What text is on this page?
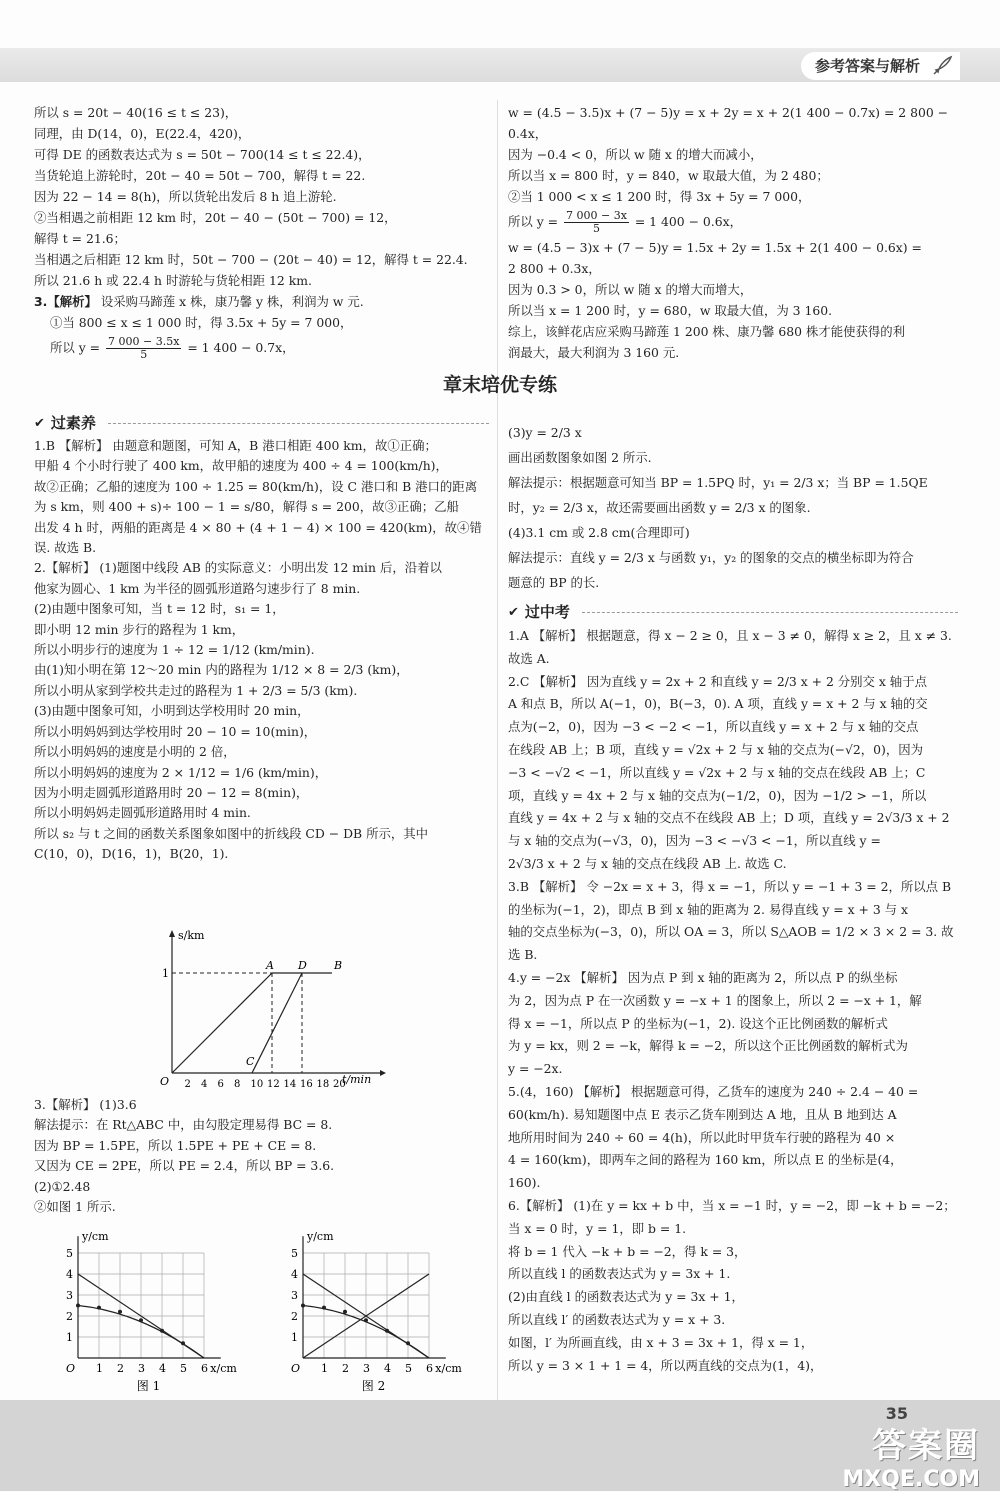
参考答案与解析
所以 s = 20t − 40(16 ≤ t ≤ 23)，
同理，由 D(14，0)，E(22.4，420)，
可得 DE 的函数表达式为 s = 50t − 700(14 ≤ t ≤ 22.4)，
当货轮追上游轮时，20t − 40 = 50t − 700，解得 t = 22.
因为 22 − 14 = 8(h)，所以货轮出发后 8 h 追上游轮.
②当相遇之前相距 12 km 时，20t − 40 − (50t − 700) = 12，
解得 t = 21.6；
当相遇之后相距 12 km 时，50t − 700 − (20t − 40) = 12，解得 t = 22.4.
所以 21.6 h 或 22.4 h 时游轮与货轮相距 12 km.
3.【解析】 设采购马蹄莲 x 株，康乃馨 y 株，利润为 w 元.
①当 800 ≤ x ≤ 1 000 时，得 3.5x + 5y = 7 000，
所以 $y = \frac{7 000 - 3.5x}{5} = 1$ 400 − 0.7x，
w = (4.5 − 3.5)x + (7 − 5)y = x + 2y = x + 2(1 400 − 0.7x) = 2 800 −
0.4x，
因为 −0.4 < 0，所以 w 随 x 的增大而减小，
所以当 x = 800 时，y = 840，w 取最大值，为 2 480；
②当 1 000 < x ≤ 1 200 时，得 3x + 5y = 7 000，
所以 $y = \frac{7 000 - 3x}{5} = 1$ 400 − 0.6x，
w = (4.5 − 3)x + (7 − 5)y = 1.5x + 2y = 1.5x + 2(1 400 − 0.6x) =
2 800 + 0.3x，
因为 0.3 > 0，所以 w 随 x 的增大而增大，
所以当 x = 1 200 时，y = 680，w 取最大值，为 3 160.
综上，该鲜花店应采购马蹄莲 1 200 株、康乃馨 680 株才能使获得的利
润最大，最大利润为 3 160 元.
章末培优专练
✔ 过素养
1.B 【解析】 由题意和题图，可知 A，B 港口相距 400 km，故①正确；
甲船 4 个小时行驶了 400 km，故甲船的速度为 400 ÷ 4 = 100(km/h)，
故②正确；乙船的速度为 100 ÷ 1.25 = 80(km/h)，设 C 港口和 B 港口的距离
为 s km，则 400 + s)÷ 100 − 1 = s/80，解得 s = 200，故③正确；乙船
出发 4 h 时，两船的距离是 4 × 80 + (4 + 1 − 4) × 100 = 420(km)，故④错
误. 故选 B.
2.【解析】 (1)题图中线段 AB 的实际意义：小明出发 12 min 后，沿着以
他家为圆心、1 km 为半径的圆弧形道路匀速步行了 8 min.
(2)由题中图象可知，当 t = 12 时，s₁ = 1，
即小明 12 min 步行的路程为 1 km，
所以小明步行的速度为 1 ÷ 12 = 1/12 (km/min).
由(1)知小明在第 12～20 min 内的路程为 1/12 × 8 = 2/3 (km)，
所以小明从家到学校共走过的路程为 1 + 2/3 = 5/3 (km).
(3)由题中图象可知，小明到达学校用时 20 min，
所以小明妈妈到达学校用时 20 − 10 = 10(min)，
所以小明妈妈的速度是小明的 2 倍，
所以小明妈妈的速度为 2 × 1/12 = 1/6 (km/min)，
因为小明走圆弧形道路用时 20 − 12 = 8(min)，
所以小明妈妈走圆弧形道路用时 4 min.
所以 s₂ 与 t 之间的函数关系图象如图中的折线段 CD − DB 所示，其中
C(10，0)，D(16，1)，B(20，1).
s/km
t/min
O
1
A D B
C
2 4 6 8 10 12 14 16 18 20
3.【解析】 (1)3.6
解法提示：在 Rt△ABC 中，由勾股定理易得 BC = 8.
因为 BP = 1.5PE，所以 1.5PE + PE + CE = 8.
又因为 CE = 2PE，所以 PE = 2.4，所以 BP = 3.6.
(2)①2.48
②如图 1 所示.
1 2 3 4 5 6
1
2
3
4
5
O
y/cm
x/cm
图 1
1 2 3 4 5 6
1
2
3
4
5
O
y/cm
x/cm
图 2
(3)y = 2/3 x
画出函数图象如图 2 所示.
解法提示：根据题意可知当 BP = 1.5PQ 时，y₁ = 2/3 x；当 BP = 1.5QE
时，y₂ = 2/3 x，故还需要画出函数 y = 2/3 x 的图象.
(4)3.1 cm 或 2.8 cm(合理即可)
解法提示：直线 y = 2/3 x 与函数 y₁，y₂ 的图象的交点的横坐标即为符合
题意的 BP 的长.
✔ 过中考
1.A 【解析】 根据题意，得 x − 2 ≥ 0，且 x − 3 ≠ 0，解得 x ≥ 2，且 x ≠ 3.
故选 A.
2.C 【解析】 因为直线 y = 2x + 2 和直线 y = 2/3 x + 2 分别交 x 轴于点
A 和点 B，所以 A(−1，0)，B(−3，0). A 项，直线 y = x + 2 与 x 轴的交
点为(−2，0)，因为 −3 < −2 < −1，所以直线 y = x + 2 与 x 轴的交点
在线段 AB 上；B 项，直线 y = √2x + 2 与 x 轴的交点为(−√2，0)，因为
−3 < −√2 < −1，所以直线 y = √2x + 2 与 x 轴的交点在线段 AB 上；C
项，直线 y = 4x + 2 与 x 轴的交点为(−1/2，0)，因为 −1/2 > −1，所以
直线 y = 4x + 2 与 x 轴的交点不在线段 AB 上；D 项，直线 y = 2√3/3 x + 2
与 x 轴的交点为(−√3，0)，因为 −3 < −√3 < −1，所以直线 y =
2√3/3 x + 2 与 x 轴的交点在线段 AB 上. 故选 C.
3.B 【解析】 令 −2x = x + 3，得 x = −1，所以 y = −1 + 3 = 2，所以点 B
的坐标为(−1，2)，即点 B 到 x 轴的距离为 2. 易得直线 y = x + 3 与 x
轴的交点坐标为(−3，0)，所以 OA = 3，所以 S△AOB = 1/2 × 3 × 2 = 3. 故
选 B.
4.y = −2x 【解析】 因为点 P 到 x 轴的距离为 2，所以点 P 的纵坐标
为 2，因为点 P 在一次函数 y = −x + 1 的图象上，所以 2 = −x + 1，解
得 x = −1，所以点 P 的坐标为(−1，2). 设这个正比例函数的解析式
为 y = kx，则 2 = −k，解得 k = −2，所以这个正比例函数的解析式为
y = −2x.
5.(4，160) 【解析】 根据题意可得，乙货车的速度为 240 ÷ 2.4 − 40 =
60(km/h). 易知题图中点 E 表示乙货车刚到达 A 地，且从 B 地到达 A
地所用时间为 240 ÷ 60 = 4(h)，所以此时甲货车行驶的路程为 40 ×
4 = 160(km)，即两车之间的路程为 160 km，所以点 E 的坐标是(4，
160).
6.【解析】 (1)在 y = kx + b 中，当 x = −1 时，y = −2，即 −k + b = −2；
当 x = 0 时，y = 1，即 b = 1.
将 b = 1 代入 −k + b = −2，得 k = 3，
所以直线 l 的函数表达式为 y = 3x + 1.
(2)由直线 l 的函数表达式为 y = 3x + 1，
所以直线 l′ 的函数表达式为 y = x + 3.
如图，l′ 为所画直线，由 x + 3 = 3x + 1，得 x = 1，
所以 y = 3 × 1 + 1 = 4，所以两直线的交点为(1，4)，
35
答案圈
MXQE.COM
